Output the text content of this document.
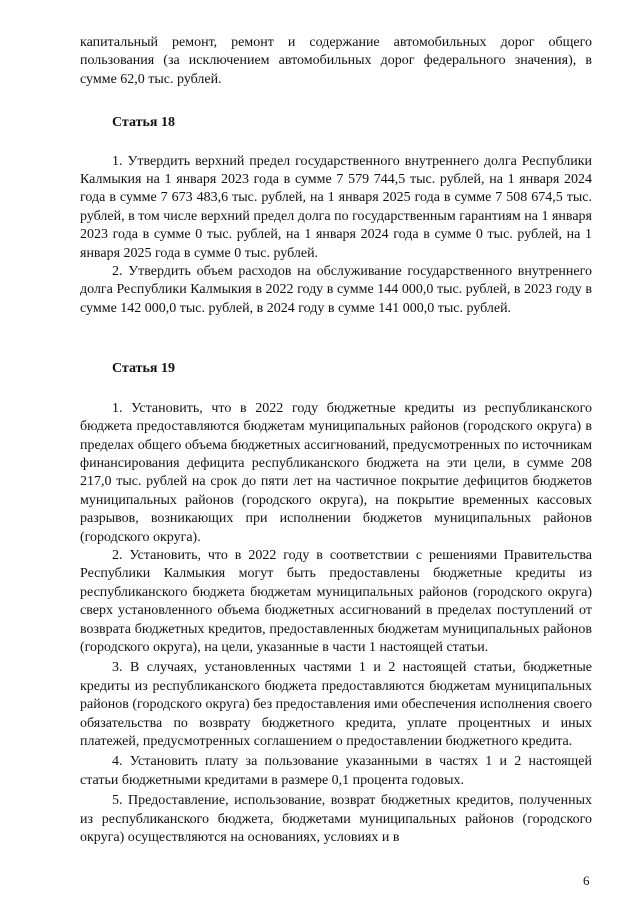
капитальный ремонт, ремонт и содержание автомобильных дорог общего пользования (за исключением автомобильных дорог федерального значения), в сумме 62,0 тыс. рублей.

Статья 18

1. Утвердить верхний предел государственного внутреннего долга Республики Калмыкия на 1 января 2023 года в сумме 7 579 744,5 тыс. рублей, на 1 января 2024 года в сумме 7 673 483,6 тыс. рублей, на 1 января 2025 года в сумме 7 508 674,5 тыс. рублей, в том числе верхний предел долга по государственным гарантиям на 1 января 2023 года в сумме 0 тыс. рублей, на 1 января 2024 года в сумме 0 тыс. рублей, на 1 января 2025 года в сумме 0 тыс. рублей.

2. Утвердить объем расходов на обслуживание государственного внутреннего долга Республики Калмыкия в 2022 году в сумме 144 000,0 тыс. рублей, в 2023 году в сумме 142 000,0 тыс. рублей, в 2024 году в сумме 141 000,0 тыс. рублей.

Статья 19

1. Установить, что в 2022 году бюджетные кредиты из республиканского бюджета предоставляются бюджетам муниципальных районов (городского округа) в пределах общего объема бюджетных ассигнований, предусмотренных по источникам финансирования дефицита республиканского бюджета на эти цели, в сумме 208 217,0 тыс. рублей на срок до пяти лет на частичное покрытие дефицитов бюджетов муниципальных районов (городского округа), на покрытие временных кассовых разрывов, возникающих при исполнении бюджетов муниципальных районов (городского округа).

2. Установить, что в 2022 году в соответствии с решениями Правительства Республики Калмыкия могут быть предоставлены бюджетные кредиты из республиканского бюджета бюджетам муниципальных районов (городского округа) сверх установленного объема бюджетных ассигнований в пределах поступлений от возврата бюджетных кредитов, предоставленных бюджетам муниципальных районов (городского округа), на цели, указанные в части 1 настоящей статьи.

3. В случаях, установленных частями 1 и 2 настоящей статьи, бюджетные кредиты из республиканского бюджета предоставляются бюджетам муниципальных районов (городского округа) без предоставления ими обеспечения исполнения своего обязательства по возврату бюджетного кредита, уплате процентных и иных платежей, предусмотренных соглашением о предоставлении бюджетного кредита.

4. Установить плату за пользование указанными в частях 1 и 2 настоящей статьи бюджетными кредитами в размере 0,1 процента годовых.

5. Предоставление, использование, возврат бюджетных кредитов, полученных из республиканского бюджета, бюджетами муниципальных районов (городского округа) осуществляются на основаниях, условиях и в

6
